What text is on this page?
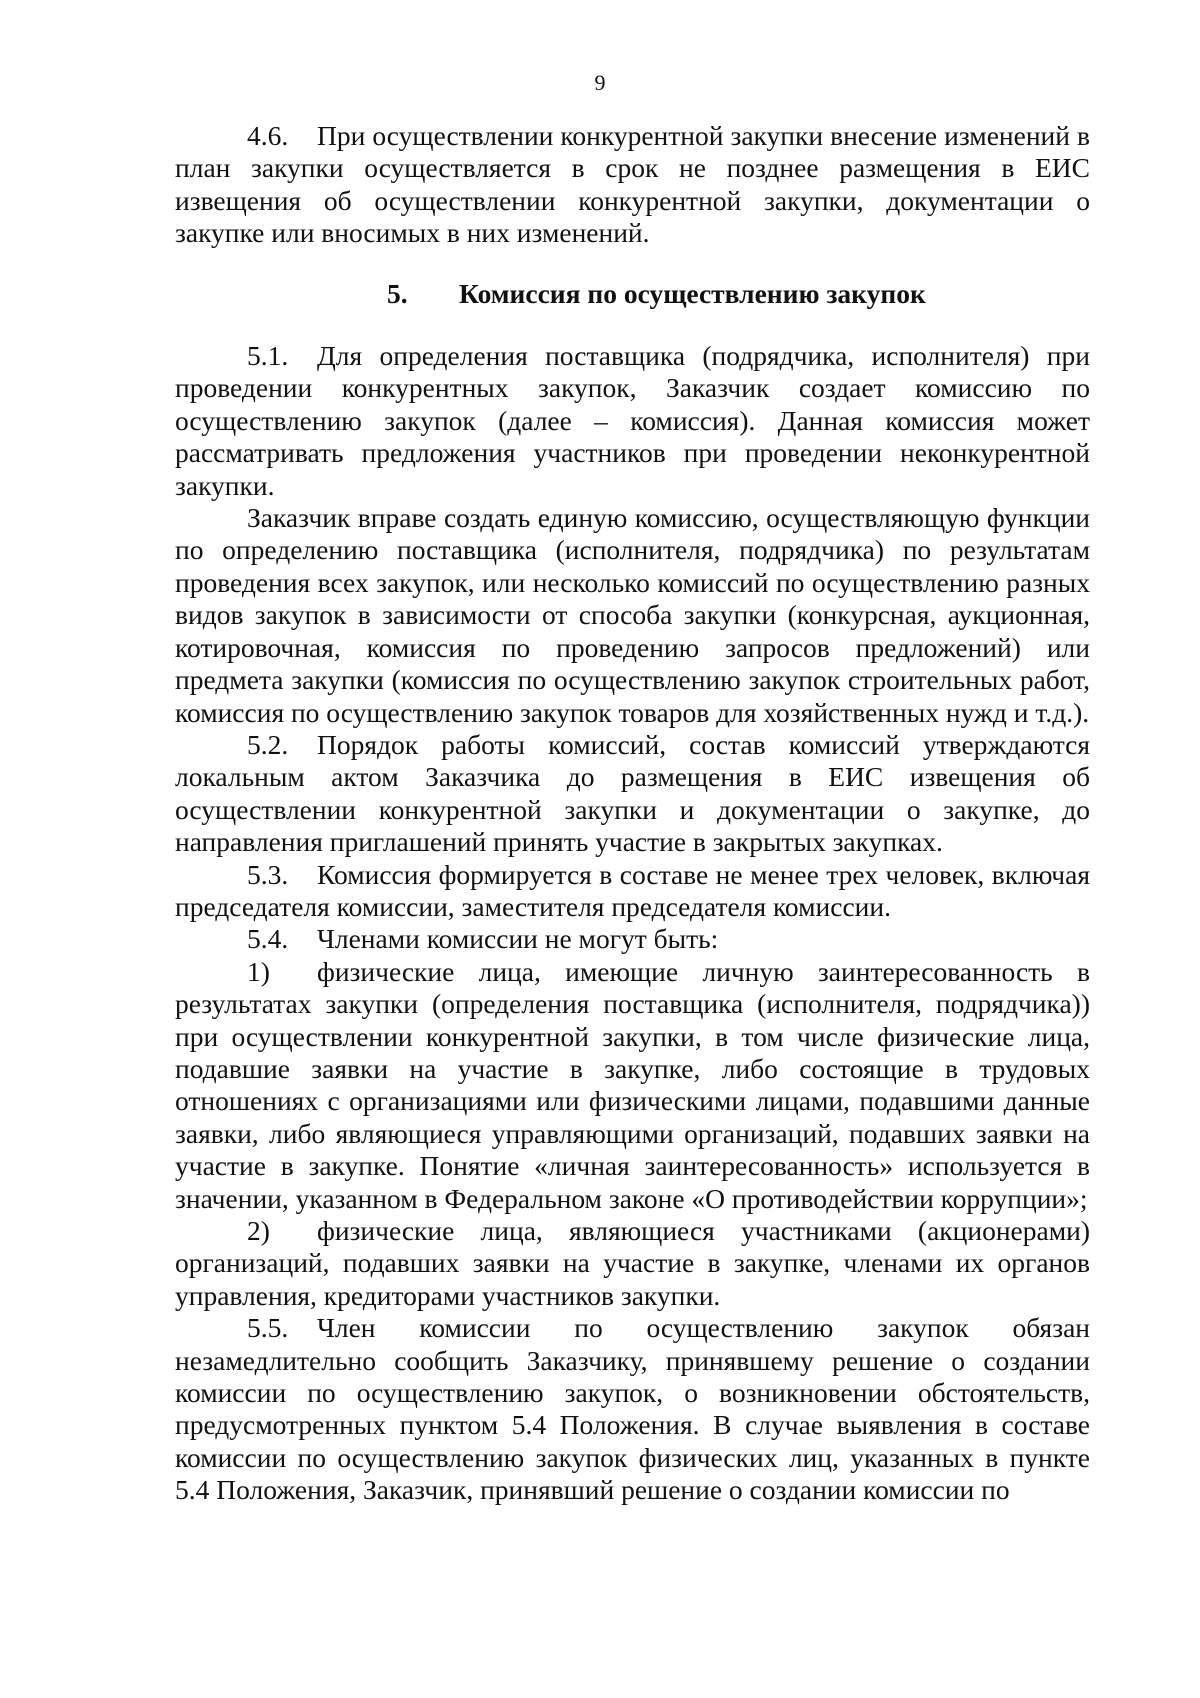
9

4.6. При осуществлении конкурентной закупки внесение изменений в план закупки осуществляется в срок не позднее размещения в ЕИС извещения об осуществлении конкурентной закупки, документации о закупке или вносимых в них изменений.

5. Комиссия по осуществлению закупок

5.1. Для определения поставщика (подрядчика, исполнителя) при проведении конкурентных закупок, Заказчик создает комиссию по осуществлению закупок (далее – комиссия). Данная комиссия может рассматривать предложения участников при проведении неконкурентной закупки.

Заказчик вправе создать единую комиссию, осуществляющую функции по определению поставщика (исполнителя, подрядчика) по результатам проведения всех закупок, или несколько комиссий по осуществлению разных видов закупок в зависимости от способа закупки (конкурсная, аукционная, котировочная, комиссия по проведению запросов предложений) или предмета закупки (комиссия по осуществлению закупок строительных работ, комиссия по осуществлению закупок товаров для хозяйственных нужд и т.д.).

5.2. Порядок работы комиссий, состав комиссий утверждаются локальным актом Заказчика до размещения в ЕИС извещения об осуществлении конкурентной закупки и документации о закупке, до направления приглашений принять участие в закрытых закупках.

5.3. Комиссия формируется в составе не менее трех человек, включая председателя комиссии, заместителя председателя комиссии.

5.4. Членами комиссии не могут быть:

1) физические лица, имеющие личную заинтересованность в результатах закупки (определения поставщика (исполнителя, подрядчика)) при осуществлении конкурентной закупки, в том числе физические лица, подавшие заявки на участие в закупке, либо состоящие в трудовых отношениях с организациями или физическими лицами, подавшими данные заявки, либо являющиеся управляющими организаций, подавших заявки на участие в закупке. Понятие «личная заинтересованность» используется в значении, указанном в Федеральном законе «О противодействии коррупции»;

2) физические лица, являющиеся участниками (акционерами) организаций, подавших заявки на участие в закупке, членами их органов управления, кредиторами участников закупки.

5.5. Член комиссии по осуществлению закупок обязан незамедлительно сообщить Заказчику, принявшему решение о создании комиссии по осуществлению закупок, о возникновении обстоятельств, предусмотренных пунктом 5.4 Положения. В случае выявления в составе комиссии по осуществлению закупок физических лиц, указанных в пункте 5.4 Положения, Заказчик, принявший решение о создании комиссии по
